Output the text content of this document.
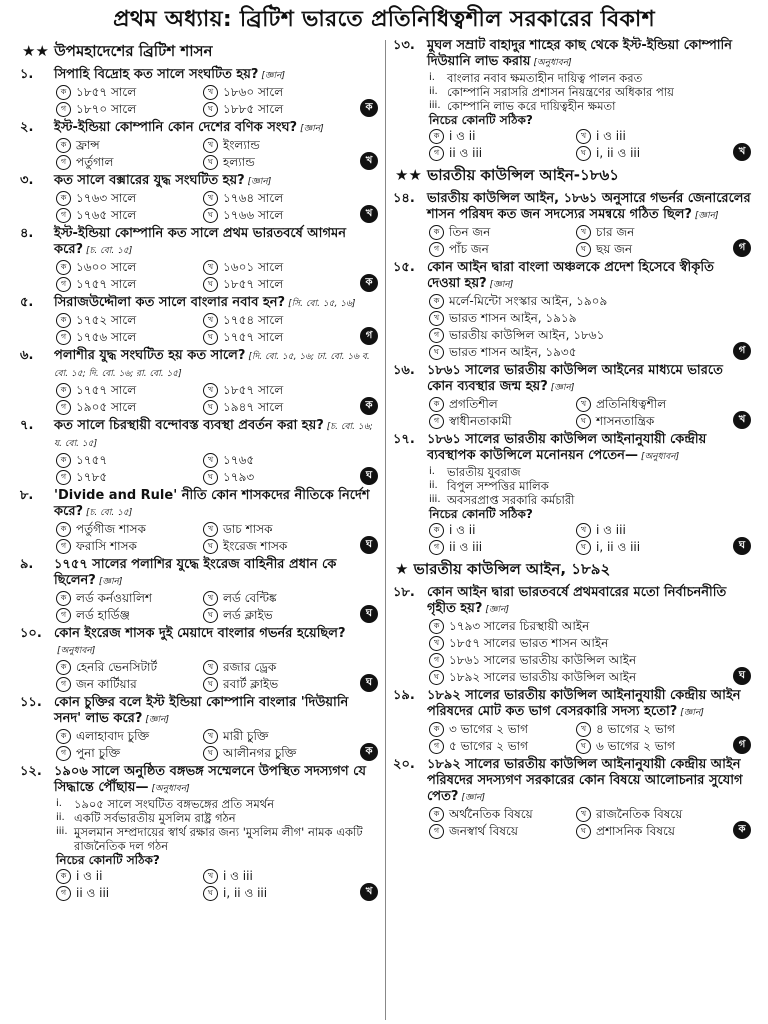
প্রথম অধ্যায়: ব্রিটিশ ভারতে প্রতিনিধিত্বশীল সরকারের বিকাশ
★★ উপমহাদেশের ব্রিটিশ শাসন
১.	সিপাহি বিদ্রোহ কত সালে সংঘটিত হয়? [জ্ঞান]
ক ১৮৫৭ সালে	খ ১৮৬০ সালে
গ ১৮৭০ সালে	ঘ ১৮৮৫ সালে	ক
২.	ইস্ট-ইন্ডিয়া কোম্পানি কোন দেশের বণিক সংঘ? [জ্ঞান]
ক ফ্রান্স	খ ইংল্যান্ড
গ পর্তুগাল	ঘ হল্যান্ড	খ
৩.	কত সালে বক্সারের যুদ্ধ সংঘটিত হয়? [জ্ঞান]
ক ১৭৬৩ সালে	খ ১৭৬৪ সালে
গ ১৭৬৫ সালে	ঘ ১৭৬৬ সালে	খ
৪.	ইস্ট-ইন্ডিয়া কোম্পানি কত সালে প্রথম ভারতবর্ষে আগমন করে? [চ. বো. ১৫]
ক ১৬০০ সালে	খ ১৬০১ সালে
গ ১৭৫৭ সালে	ঘ ১৮৫৭ সালে	ক
৫.	সিরাজউদ্দৌলা কত সালে বাংলার নবাব হন? [সি. বো. ১৫, ১৬]
ক ১৭৫২ সালে	খ ১৭৫৪ সালে
গ ১৭৫৬ সালে	ঘ ১৭৫৭ সালে	গ
৬.	পলাশীর যুদ্ধ সংঘটিত হয় কত সালে? [দি. বো. ১৫, ১৬; ঢা. বো. ১৬ ব. বো. ১৫; দি. বো. ১৬; রা. বো. ১৫]
ক ১৭৫৭ সালে	খ ১৮৫৭ সালে
গ ১৯০৫ সালে	ঘ ১৯৪৭ সালে	ক
৭.	কত সালে চিরস্থায়ী বন্দোবস্ত ব্যবস্থা প্রবর্তন করা হয়? [চ. বো. ১৬; য. বো. ১৫]
ক ১৭৫৭	খ ১৭৬৫
গ ১৭৮৫	ঘ ১৭৯৩	ঘ
৮.	'Divide and Rule' নীতি কোন শাসকদের নীতিকে নির্দেশ করে? [চ. বো. ১৫]
ক পর্তুগীজ শাসক	খ ডাচ শাসক
গ ফরাসি শাসক	ঘ ইংরেজ শাসক	ঘ
৯.	১৭৫৭ সালের পলাশির যুদ্ধে ইংরেজ বাহিনীর প্রধান কে ছিলেন? [জ্ঞান]
ক লর্ড কর্নওয়ালিশ	খ লর্ড বেন্টিঙ্ক
গ লর্ড হার্ডিঞ্জ	ঘ লর্ড ক্লাইভ	ঘ
১০. কোন ইংরেজ শাসক দুই মেয়াদে বাংলার গভর্নর হয়েছিল?[অনুধাবন]
ক হেনরি ভেনসিটার্ট	খ রজার ড্রেক
গ জন কার্টিয়ার	ঘ রবার্ট ক্লাইভ	ঘ
১১. কোন চুক্তির বলে ইস্ট ইন্ডিয়া কোম্পানি বাংলার 'দিউয়ানি সনদ' লাভ করে? [জ্ঞান]
ক এলাহাবাদ চুক্তি	খ মারী চুক্তি
গ পুনা চুক্তি	ঘ আলীনগর চুক্তি	ক
১২. ১৯০৬ সালে অনুষ্ঠিত বঙ্গভঙ্গ সম্মেলনে উপস্থিত সদস্যগণ যে সিদ্ধান্তে পৌঁছায়— [অনুধাবন]
i.	১৯০৫ সালে সংঘটিত বঙ্গভঙ্গের প্রতি সমর্থন
ii. একটি সর্বভারতীয় মুসলিম রাষ্ট্র গঠন
iii. মুসলমান সম্প্রদায়ের স্বার্থ রক্ষার জন্য 'মুসলিম লীগ' নামক একটি রাজনৈতিক দল গঠন
নিচের কোনটি সঠিক?
ক i ও ii	খ i ও iii
গ ii ও iii	ঘ i, ii ও iii	খ
১৩. মুঘল সম্রাট বাহাদুর শাহের কাছ থেকে ইস্ট-ইন্ডিয়া কোম্পানি দিউয়ানি লাভ করায় [অনুধাবন]
i.	বাংলার নবাব ক্ষমতাহীন দায়িত্ব পালন করত
ii. কোম্পানি সরাসরি প্রশাসন নিয়ন্ত্রণের অধিকার পায়
iii. কোম্পানি লাভ করে দায়িত্বহীন ক্ষমতা
নিচের কোনটি সঠিক?
ক i ও ii	খ i ও iii
গ ii ও iii	ঘ i, ii ও iii	খ
★★ ভারতীয় কাউন্সিল আইন-১৮৬১
১৪. ভারতীয় কাউন্সিল আইন, ১৮৬১ অনুসারে গভর্নর জেনারেলের শাসন পরিষদ কত জন সদস্যের সমন্বয়ে গঠিত ছিল? [জ্ঞান]
ক তিন জন	খ চার জন
গ পাঁচ জন	ঘ ছয় জন	গ
১৫. কোন আইন দ্বারা বাংলা অঞ্চলকে প্রদেশ হিসেবে স্বীকৃতি দেওয়া হয়? [জ্ঞান]
ক মর্লে-মিন্টো সংস্কার আইন, ১৯০৯
খ ভারত শাসন আইন, ১৯১৯
গ ভারতীয় কাউন্সিল আইন, ১৮৬১
ঘ ভারত শাসন আইন, ১৯৩৫	গ
১৬. ১৮৬১ সালের ভারতীয় কাউন্সিল আইনের মাধ্যমে ভারতে কোন ব্যবস্থার জন্ম হয়? [জ্ঞান]
ক প্রগতিশীল	খ প্রতিনিধিত্বশীল
গ স্বাধীনতাকামী	ঘ শাসনতান্ত্রিক	খ
১৭. ১৮৬১ সালের ভারতীয় কাউন্সিল আইনানুযায়ী কেন্দ্রীয় ব্যবস্থাপক কাউন্সিলে মনোনয়ন পেতেন— [অনুধাবন]
i.	ভারতীয় যুবরাজ
ii. বিপুল সম্পত্তির মালিক
iii. অবসরপ্রাপ্ত সরকারি কর্মচারী
নিচের কোনটি সঠিক?
ক i ও ii	খ i ও iii
গ ii ও iii	ঘ i, ii ও iii	ঘ
★ ভারতীয় কাউন্সিল আইন, ১৮৯২
১৮. কোন আইন দ্বারা ভারতবর্ষে প্রথমবারের মতো নির্বাচননীতি গৃহীত হয়? [জ্ঞান]
ক ১৭৯৩ সালের চিরস্থায়ী আইন
খ ১৮৫৭ সালের ভারত শাসন আইন
গ ১৮৬১ সালের ভারতীয় কাউন্সিল আইন
ঘ ১৮৯২ সালের ভারতীয় কাউন্সিল আইন	ঘ
১৯. ১৮৯২ সালের ভারতীয় কাউন্সিল আইনানুযায়ী কেন্দ্রীয় আইন পরিষদের মোট কত ভাগ বেসরকারি সদস্য হতো? [জ্ঞান]
ক ৩ ভাগের ২ ভাগ	খ ৪ ভাগের ২ ভাগ
গ ৫ ভাগের ২ ভাগ	ঘ ৬ ভাগের ২ ভাগ	গ
২০. ১৮৯২ সালের ভারতীয় কাউন্সিল আইনানুযায়ী কেন্দ্রীয় আইন পরিষদের সদস্যগণ সরকারের কোন বিষয়ে আলোচনার সুযোগ পেত? [জ্ঞান]
ক অর্থনৈতিক বিষয়ে	খ রাজনৈতিক বিষয়ে
গ জনস্বার্থ বিষয়ে	ঘ প্রশাসনিক বিষয়ে	ক
